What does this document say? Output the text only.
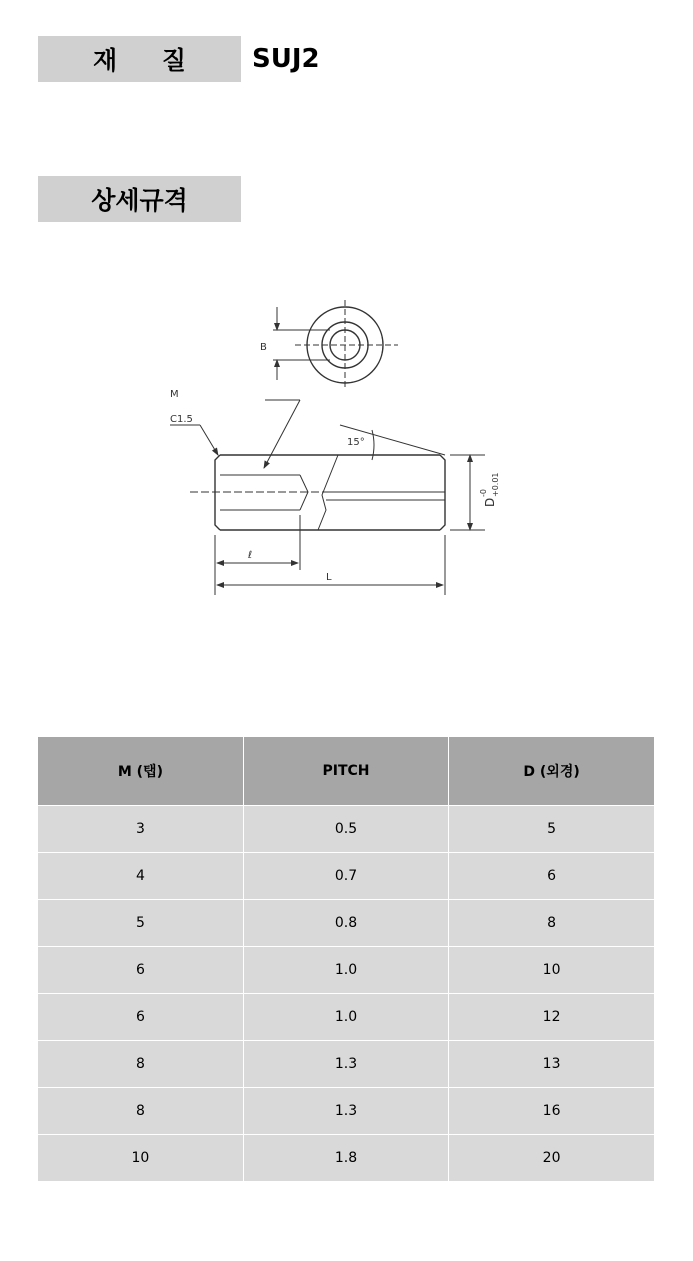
재 질	SUJ2
상세규격
B
M
C1.5
15°
ℓ
L
D
-0 +0.01
M (탭)	PITCH	D (외경)
3	0.5	5
4	0.7	6
5	0.8	8
6	1.0	10
6	1.0	12
8	1.3	13
8	1.3	16
10	1.8	20
